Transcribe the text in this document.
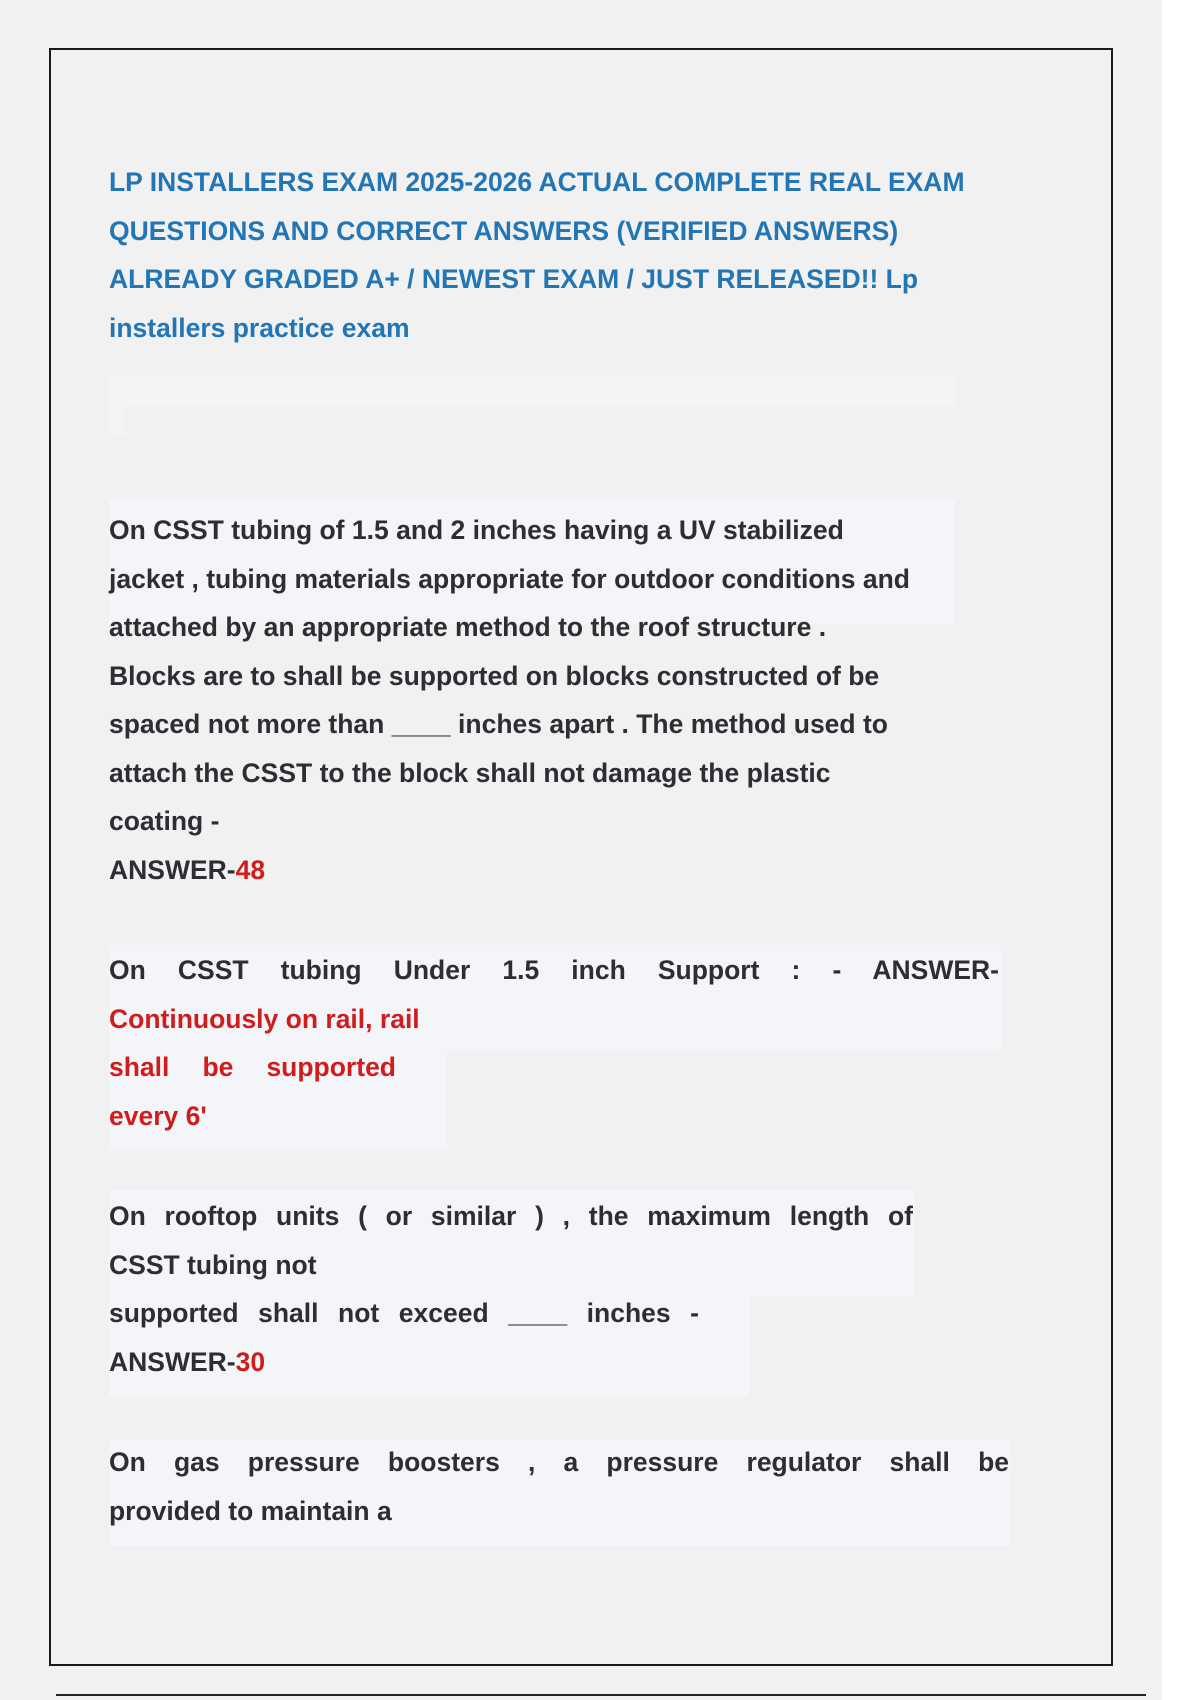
LP INSTALLERS EXAM 2025-2026 ACTUAL COMPLETE REAL EXAM QUESTIONS AND CORRECT ANSWERS (VERIFIED ANSWERS) ALREADY GRADED A+ / NEWEST EXAM / JUST RELEASED!! Lp installers practice exam
On CSST tubing of 1.5 and 2 inches having a UV stabilized
jacket , tubing materials appropriate for outdoor conditions and
attached by an appropriate method to the roof structure .
Blocks are to shall be supported on blocks constructed of be
spaced not more than ____ inches apart . The method used to
attach the CSST to the block shall not damage the plastic
coating -
ANSWER-48
On CSST tubing Under 1.5 inch Support : - ANSWER-
Continuously on rail, rail
shall be supported
every 6'
On rooftop units ( or similar ) , the maximum length of
CSST tubing not
supported shall not exceed ____ inches -
ANSWER-30
On gas pressure boosters , a pressure regulator shall be
provided to maintain a
